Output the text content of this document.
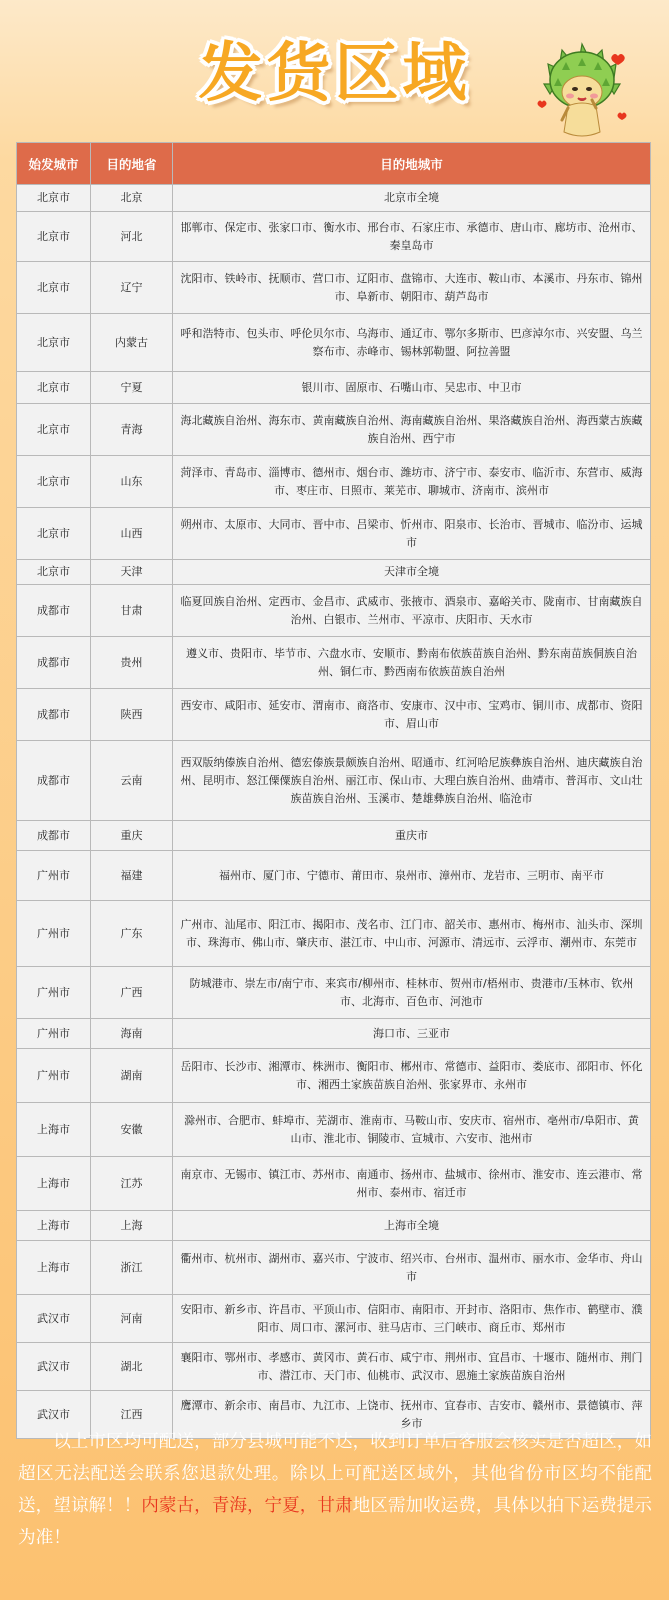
发货区域
始发城市	目的地省	目的地城市
北京市	北京	北京市全境
北京市	河北	邯郸市、保定市、张家口市、衡水市、邢台市、石家庄市、承德市、唐山市、廊坊市、沧州市、秦皇岛市
北京市	辽宁	沈阳市、铁岭市、抚顺市、营口市、辽阳市、盘锦市、大连市、鞍山市、本溪市、丹东市、锦州市、阜新市、朝阳市、葫芦岛市
北京市	内蒙古	呼和浩特市、包头市、呼伦贝尔市、乌海市、通辽市、鄂尔多斯市、巴彦淖尔市、兴安盟、乌兰察布市、赤峰市、锡林郭勒盟、阿拉善盟
北京市	宁夏	银川市、固原市、石嘴山市、吴忠市、中卫市
北京市	青海	海北藏族自治州、海东市、黄南藏族自治州、海南藏族自治州、果洛藏族自治州、海西蒙古族藏族自治州、西宁市
北京市	山东	菏泽市、青岛市、淄博市、德州市、烟台市、潍坊市、济宁市、泰安市、临沂市、东营市、威海市、枣庄市、日照市、莱芜市、聊城市、济南市、滨州市
北京市	山西	朔州市、太原市、大同市、晋中市、吕梁市、忻州市、阳泉市、长治市、晋城市、临汾市、运城市
北京市	天津	天津市全境
成都市	甘肃	临夏回族自治州、定西市、金昌市、武威市、张掖市、酒泉市、嘉峪关市、陇南市、甘南藏族自治州、白银市、兰州市、平凉市、庆阳市、天水市
成都市	贵州	遵义市、贵阳市、毕节市、六盘水市、安顺市、黔南布依族苗族自治州、黔东南苗族侗族自治州、铜仁市、黔西南布依族苗族自治州
成都市	陕西	西安市、咸阳市、延安市、渭南市、商洛市、安康市、汉中市、宝鸡市、铜川市、成都市、资阳市、眉山市
成都市	云南	西双版纳傣族自治州、德宏傣族景颇族自治州、昭通市、红河哈尼族彝族自治州、迪庆藏族自治州、昆明市、怒江傈僳族自治州、丽江市、保山市、大理白族自治州、曲靖市、普洱市、文山壮族苗族自治州、玉溪市、楚雄彝族自治州、临沧市
成都市	重庆	重庆市
广州市	福建	福州市、厦门市、宁德市、莆田市、泉州市、漳州市、龙岩市、三明市、南平市
广州市	广东	广州市、汕尾市、阳江市、揭阳市、茂名市、江门市、韶关市、惠州市、梅州市、汕头市、深圳市、珠海市、佛山市、肇庆市、湛江市、中山市、河源市、清远市、云浮市、潮州市、东莞市
广州市	广西	防城港市、崇左市/南宁市、来宾市/柳州市、桂林市、贺州市/梧州市、贵港市/玉林市、钦州市、北海市、百色市、河池市
广州市	海南	海口市、三亚市
广州市	湖南	岳阳市、长沙市、湘潭市、株洲市、衡阳市、郴州市、常德市、益阳市、娄底市、邵阳市、怀化市、湘西土家族苗族自治州、张家界市、永州市
上海市	安徽	滁州市、合肥市、蚌埠市、芜湖市、淮南市、马鞍山市、安庆市、宿州市、亳州市/阜阳市、黄山市、淮北市、铜陵市、宣城市、六安市、池州市
上海市	江苏	南京市、无锡市、镇江市、苏州市、南通市、扬州市、盐城市、徐州市、淮安市、连云港市、常州市、泰州市、宿迁市
上海市	上海	上海市全境
上海市	浙江	衢州市、杭州市、湖州市、嘉兴市、宁波市、绍兴市、台州市、温州市、丽水市、金华市、舟山市
武汉市	河南	安阳市、新乡市、许昌市、平顶山市、信阳市、南阳市、开封市、洛阳市、焦作市、鹤壁市、濮阳市、周口市、漯河市、驻马店市、三门峡市、商丘市、郑州市
武汉市	湖北	襄阳市、鄂州市、孝感市、黄冈市、黄石市、咸宁市、荆州市、宜昌市、十堰市、随州市、荆门市、潜江市、天门市、仙桃市、武汉市、恩施土家族苗族自治州
武汉市	江西	鹰潭市、新余市、南昌市、九江市、上饶市、抚州市、宜春市、吉安市、赣州市、景德镇市、萍乡市
以上市区均可配送，部分县城可能不达，收到订单后客服会核实是否超区，如超区无法配送会联系您退款处理。除以上可配送区域外，其他省份市区均不能配送，望谅解！！内蒙古，青海，宁夏，甘肃地区需加收运费，具体以拍下运费提示为准！
